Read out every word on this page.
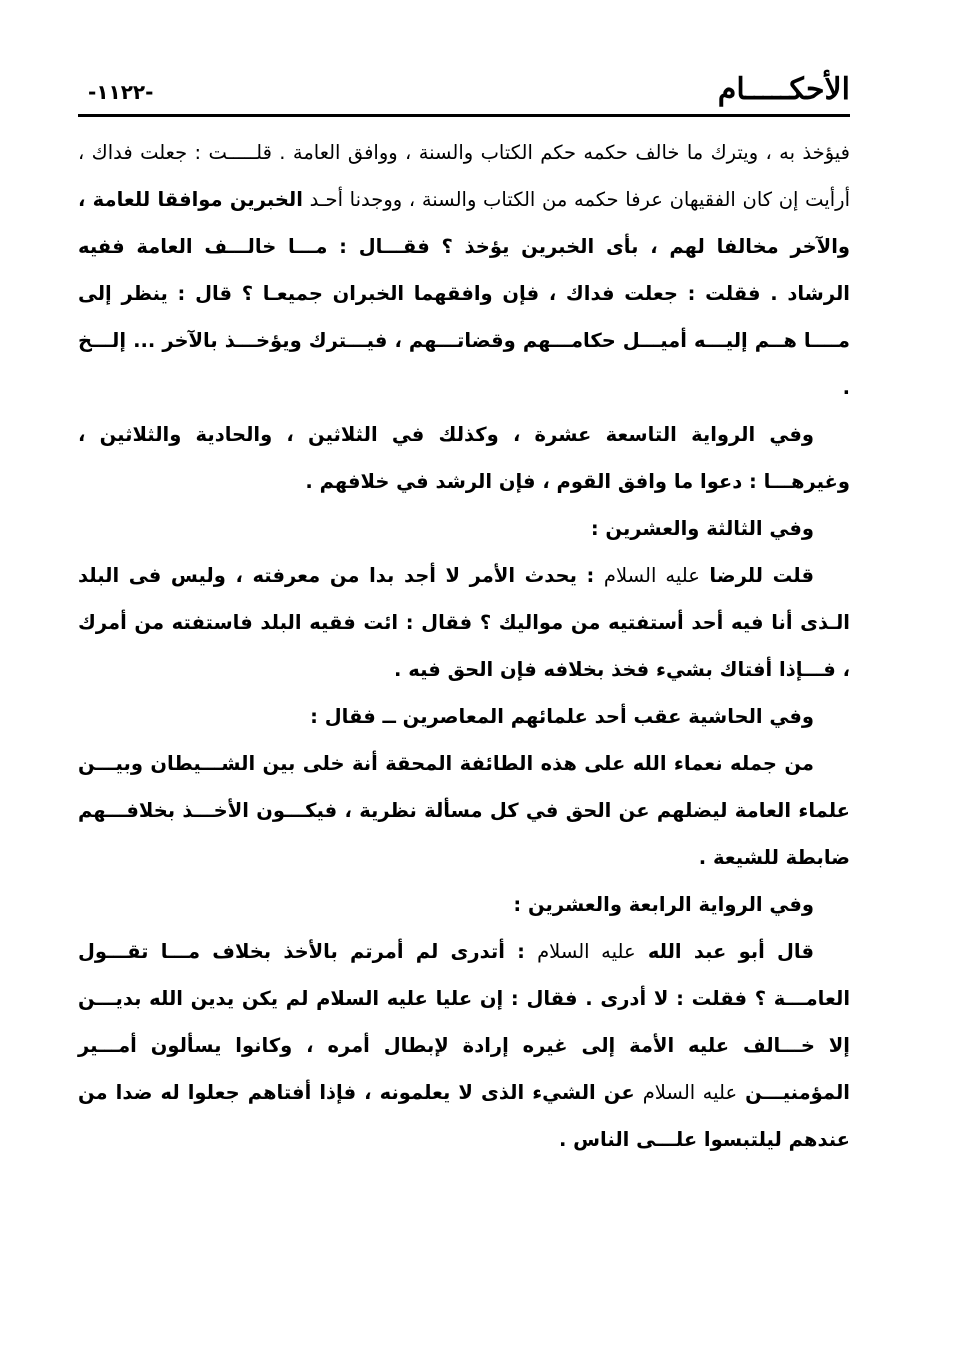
الأحكـــــام
-١١٢٢-

فيؤخذ به ، ويترك ما خالف حكمه حكم الكتاب والسنة ، ووافق العامة . قلـــــت : جعلت فداك ، أرأيت إن كان الفقيهان عرفا حكمه من الكتاب والسنة ، ووجدنا أحـد الخبرين موافقا للعامة ، والآخر مخالفا لهم ، بأى الخبرين يؤخذ ؟ فقـــال : مـــا خالـــف العامة ففيه الرشاد . فقلت : جعلت فداك ، فإن وافقهما الخبران جميعـا ؟ قال : ينظر إلى مــــا هــم إليـــه أميـــل حكامـــهم وقضاتـــهم ، فيـــترك ويؤخـــذ بالآخر ... إلـــخ .

وفي الرواية التاسعة عشرة ، وكذلك في الثلاثين ، والحادية والثلاثين ، وغيرهـــا : دعوا ما وافق القوم ، فإن الرشد في خلافهم .

وفي الثالثة والعشرين :

قلت للرضا عليه السلام : يحدث الأمر لا أجد بدا من معرفته ، وليس فى البلد الـذى أنا فيه أحد أستفتيه من مواليك ؟ فقال : ائت فقيه البلد فاستفته من أمرك ، فـــإذا أفتاك بشيء فخذ بخلافه فإن الحق فيه .

وفي الحاشية عقب أحد علمائهم المعاصرين ــ فقال :

من جمله نعماء الله على هذه الطائفة المحقة أنة خلى بين الشـــيطان وبيـــن علماء العامة ليضلهم عن الحق في كل مسألة نظرية ، فيكـــون الأخـــذ بخلافـــهم ضابطة للشيعة .

وفي الرواية الرابعة والعشرين :

قال أبو عبد الله عليه السلام : أتدرى لم أمرتم بالأخذ بخلاف مـــا تقـــول العامـــة ؟ فقلت : لا أدرى . فقال : إن عليا عليه السلام لم يكن يدين الله بديـــن إلا خـــالف عليه الأمة إلى غيره إرادة لإبطال أمره ، وكانوا يسألون أمـــير المؤمنيـــن عليه السلام عن الشيء الذى لا يعلمونه ، فإذا أفتاهم جعلوا له ضدا من عندهم ليلتبسوا علـــى الناس .
